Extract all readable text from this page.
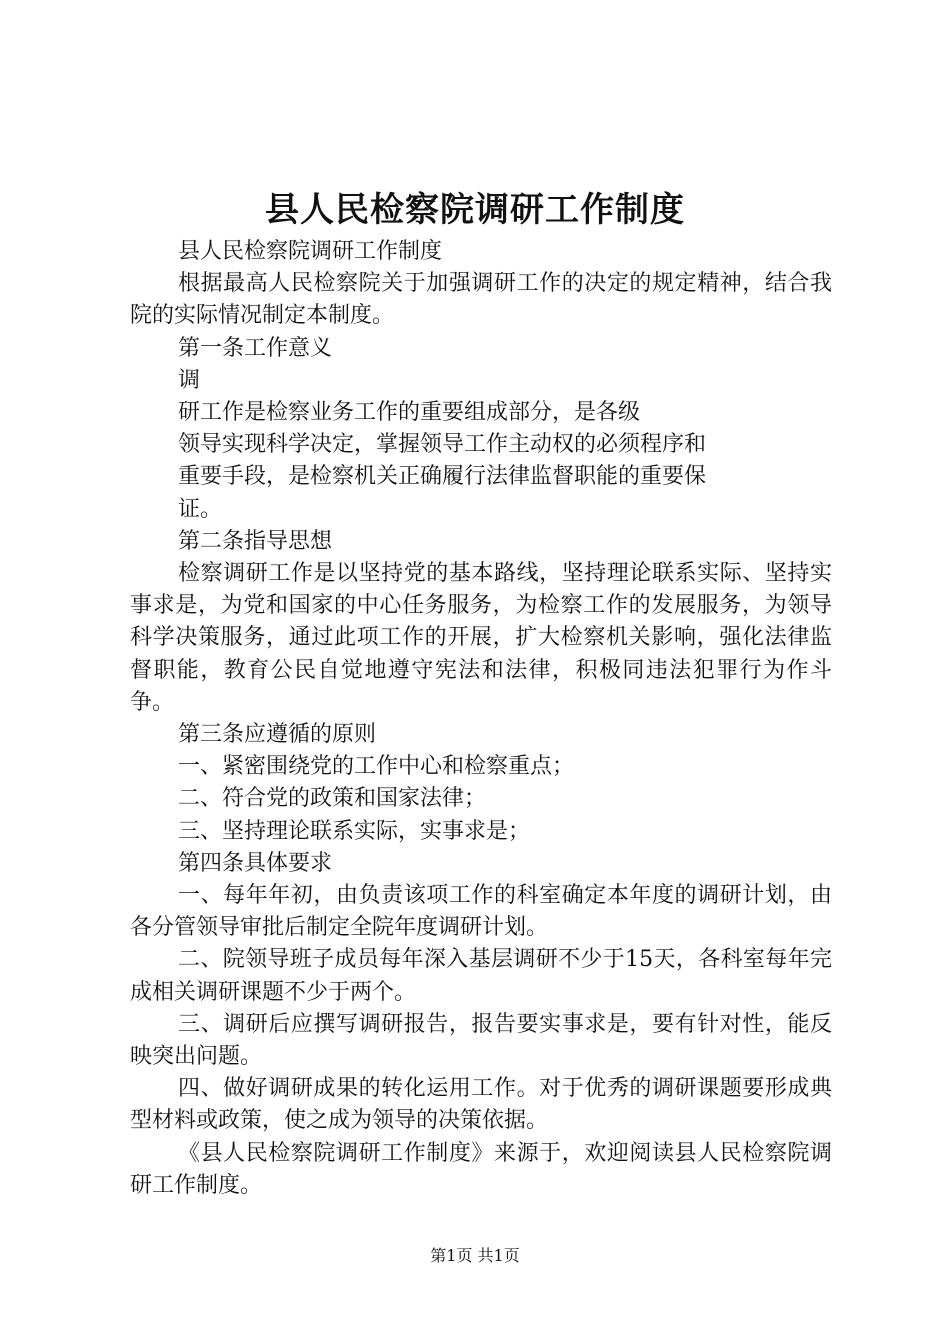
县人民检察院调研工作制度

县人民检察院调研工作制度

根据最高人民检察院关于加强调研工作的决定的规定精神，结合我院的实际情况制定本制度。

第一条工作意义

调

研工作是检察业务工作的重要组成部分，是各级

领导实现科学决定，掌握领导工作主动权的必须程序和

重要手段，是检察机关正确履行法律监督职能的重要保

证。

第二条指导思想

检察调研工作是以坚持党的基本路线，坚持理论联系实际、坚持实事求是，为党和国家的中心任务服务，为检察工作的发展服务，为领导科学决策服务，通过此项工作的开展，扩大检察机关影响，强化法律监督职能，教育公民自觉地遵守宪法和法律，积极同违法犯罪行为作斗争。

第三条应遵循的原则

一、紧密围绕党的工作中心和检察重点；

二、符合党的政策和国家法律；

三、坚持理论联系实际，实事求是；

第四条具体要求

一、每年年初，由负责该项工作的科室确定本年度的调研计划，由各分管领导审批后制定全院年度调研计划。

二、院领导班子成员每年深入基层调研不少于15天，各科室每年完成相关调研课题不少于两个。

三、调研后应撰写调研报告，报告要实事求是，要有针对性，能反映突出问题。

四、做好调研成果的转化运用工作。对于优秀的调研课题要形成典型材料或政策，使之成为领导的决策依据。

《县人民检察院调研工作制度》来源于，欢迎阅读县人民检察院调研工作制度。

第1页 共1页
